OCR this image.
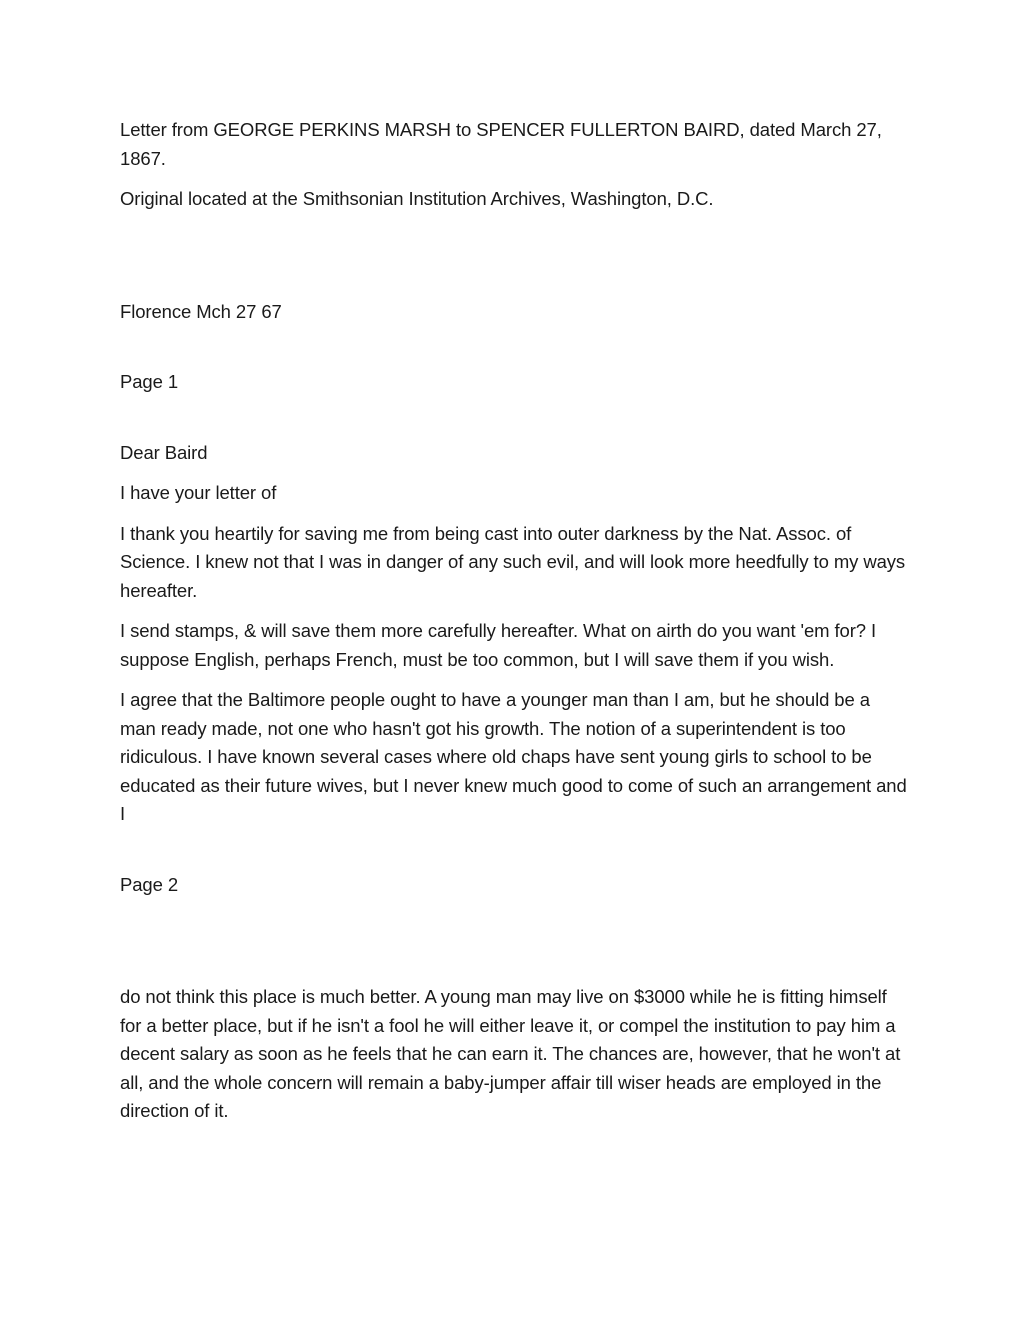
Letter from GEORGE PERKINS MARSH to SPENCER FULLERTON BAIRD, dated March 27, 1867.

Original located at the Smithsonian Institution Archives, Washington, D.C.

Florence Mch 27 67

Page 1

Dear Baird

I have your letter of

I thank you heartily for saving me from being cast into outer darkness by the Nat. Assoc. of Science. I knew not that I was in danger of any such evil, and will look more heedfully to my ways hereafter.

I send stamps, & will save them more carefully hereafter. What on airth do you want 'em for? I suppose English, perhaps French, must be too common, but I will save them if you wish.

I agree that the Baltimore people ought to have a younger man than I am, but he should be a man ready made, not one who hasn't got his growth. The notion of a superintendent is too ridiculous. I have known several cases where old chaps have sent young girls to school to be educated as their future wives, but I never knew much good to come of such an arrangement and I

Page 2

do not think this place is much better. A young man may live on $3000 while he is fitting himself for a better place, but if he isn't a fool he will either leave it, or compel the institution to pay him a decent salary as soon as he feels that he can earn it. The chances are, however, that he won't at all, and the whole concern will remain a baby-jumper affair till wiser heads are employed in the direction of it.
